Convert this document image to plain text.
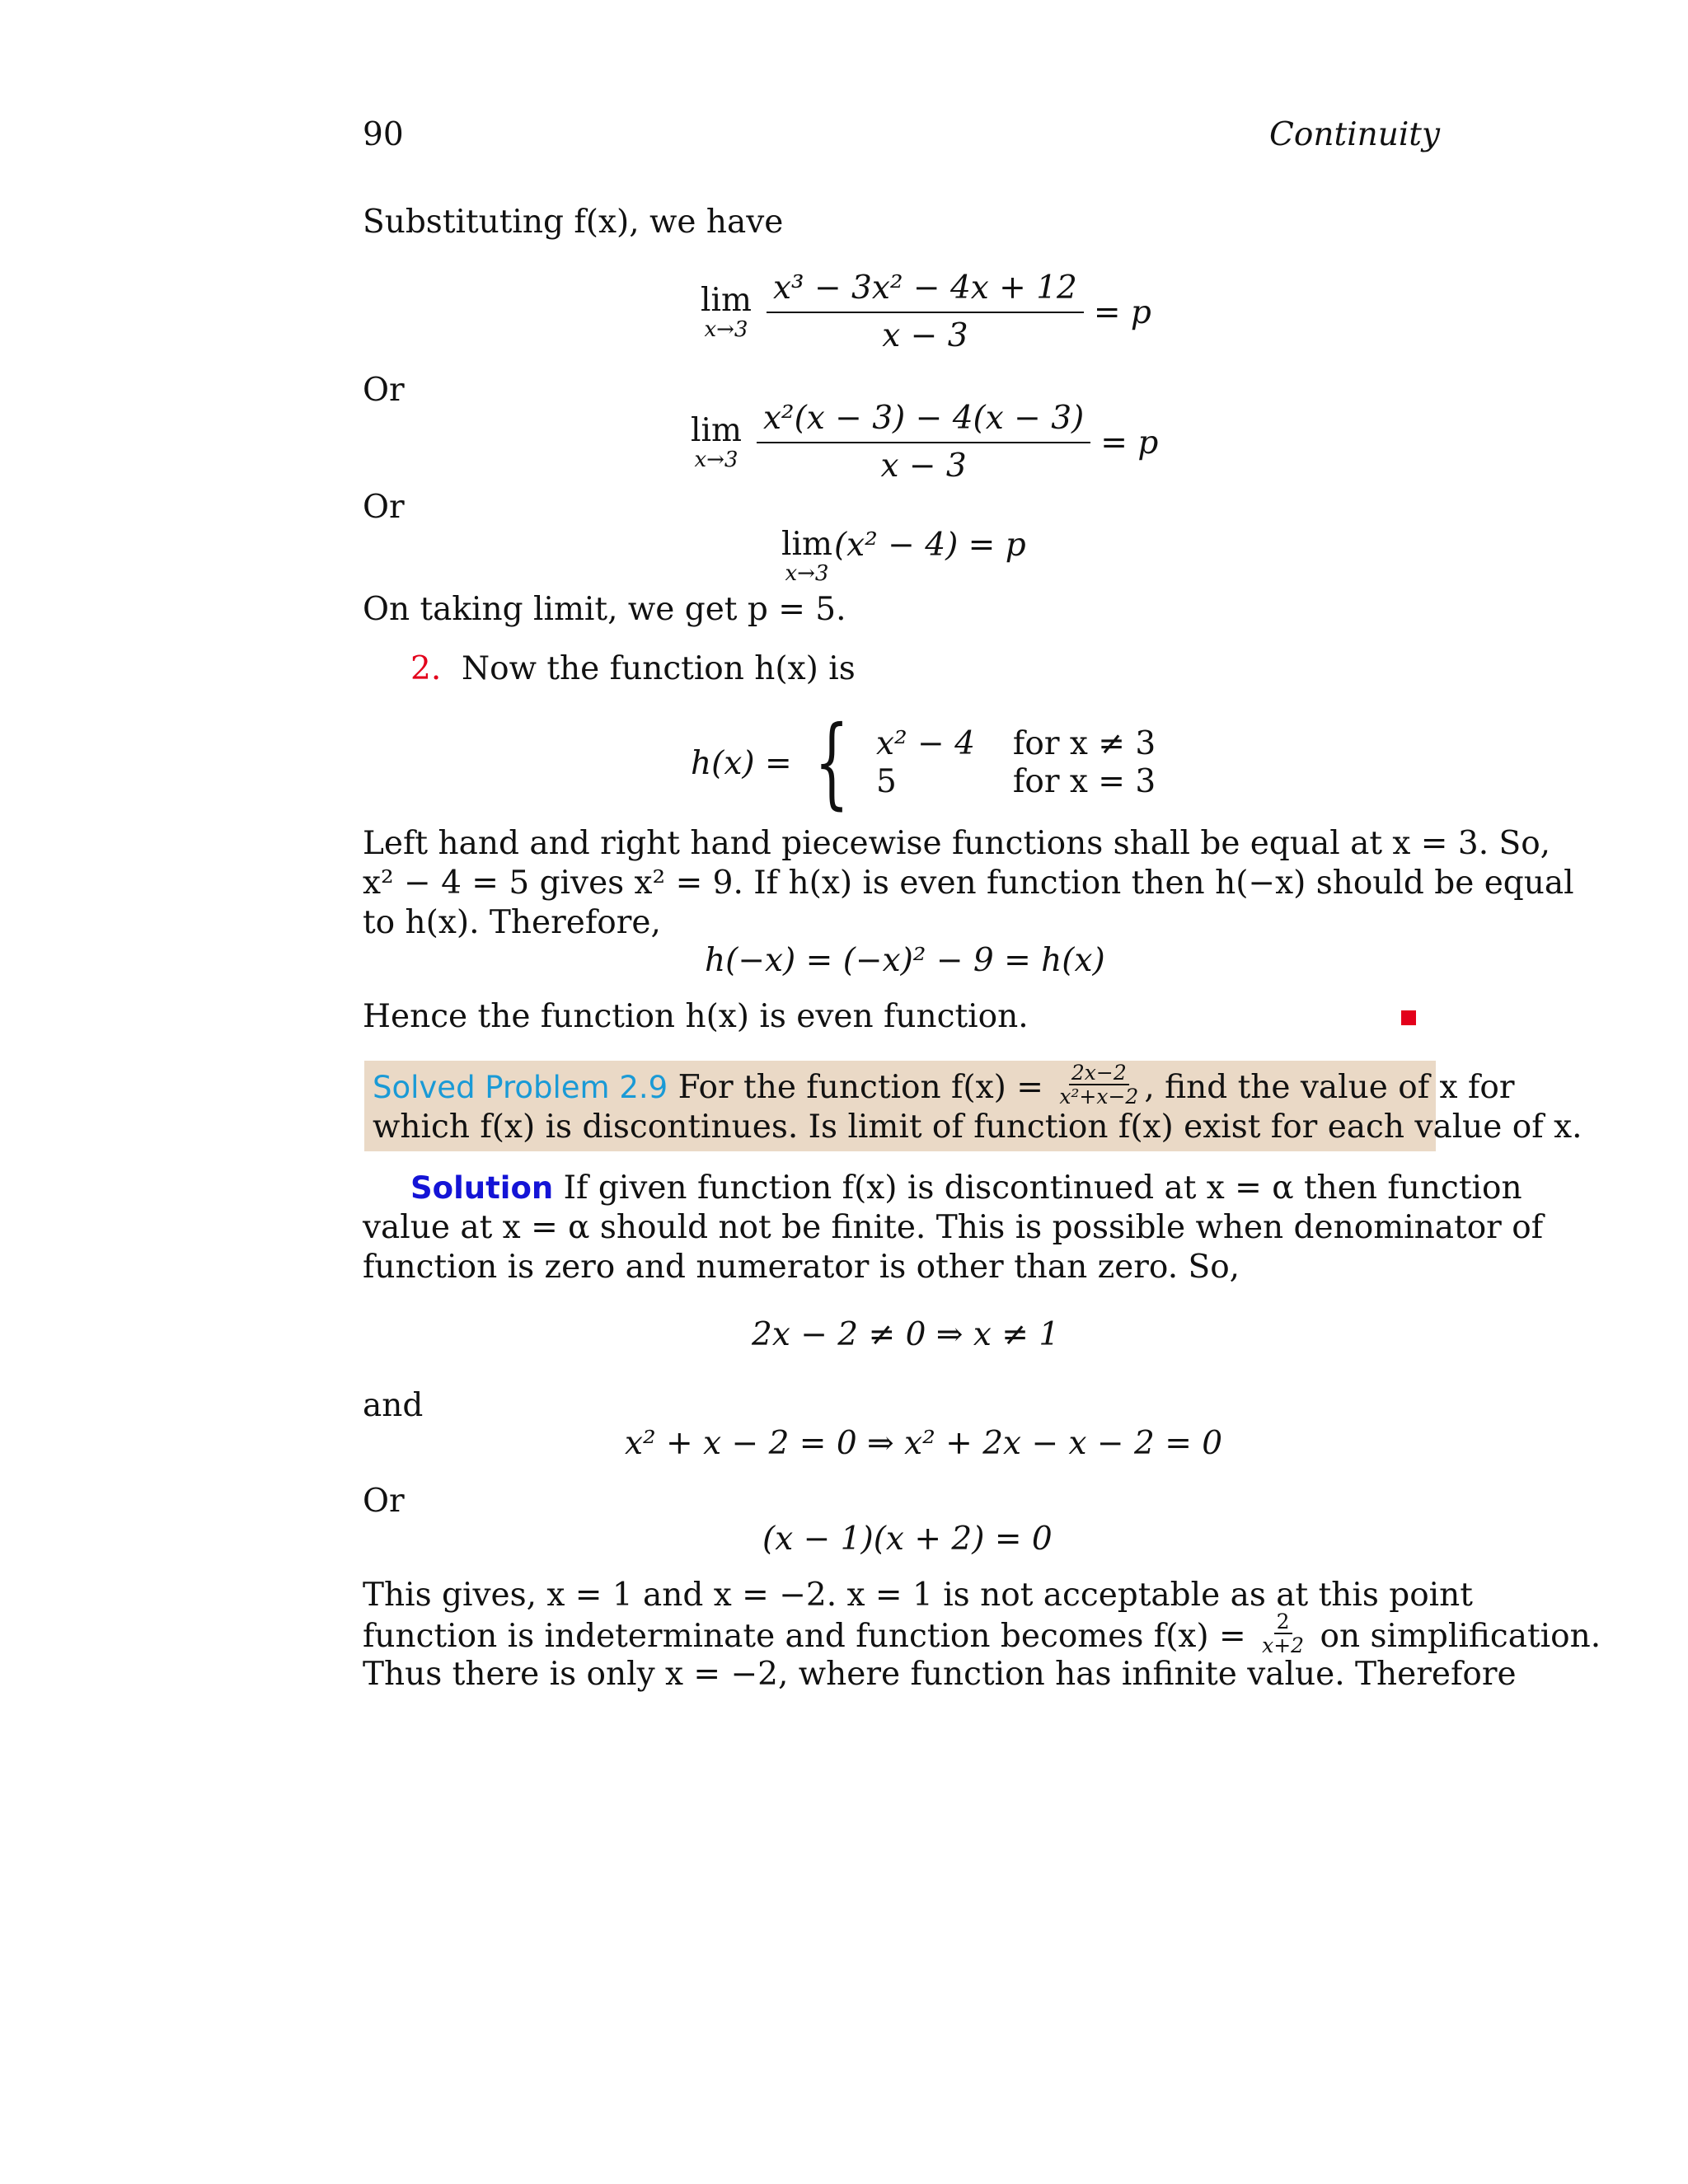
90	Continuity
Substituting f(x), we have
lim
$x\to 3 \frac{\text{x³ − 3x² − 4x + 12}}{x - 3} = p$
Or
lim
$x\to 3 \frac{\text{x²(x − 3) − 4(x − 3)}}{x - 3} = p$
Or
lim
x→3
(x² − 4) = p
On taking limit, we get p = 5.
2. Now the function h(x) is
h(x) = { x² − 4 for x ≠ 3
5	for x = 3
Left hand and right hand piecewise functions shall be equal at x = 3. So,
x² − 4 = 5 gives x² = 9. If h(x) is even function then h(−x) should be equal
to h(x). Therefore,
h(−x) = (−x)² − 9 = h(x)
Hence the function h(x) is even function.
Solved Problem 2.9 For the function $f(x) = \frac{2x-2}{\text{x²+x−2}}$ , find the value of x for
which f(x) is discontinues. Is limit of function f(x) exist for each value of x.
Solution If given function f(x) is discontinued at x = α then function
value at x = α should not be finite. This is possible when denominator of
function is zero and numerator is other than zero. So,
2x − 2 ≠ 0 ⇒ x ≠ 1
and
x² + x − 2 = 0 ⇒ x² + 2x − x − 2 = 0
Or
(x − 1)(x + 2) = 0
This gives, x = 1 and x = −2. x = 1 is not acceptable as at this point
function is indeterminate and function becomes $f(x) = \frac{2}{x+2}$ on simplification.
Thus there is only x = −2, where function has infinite value. Therefore
